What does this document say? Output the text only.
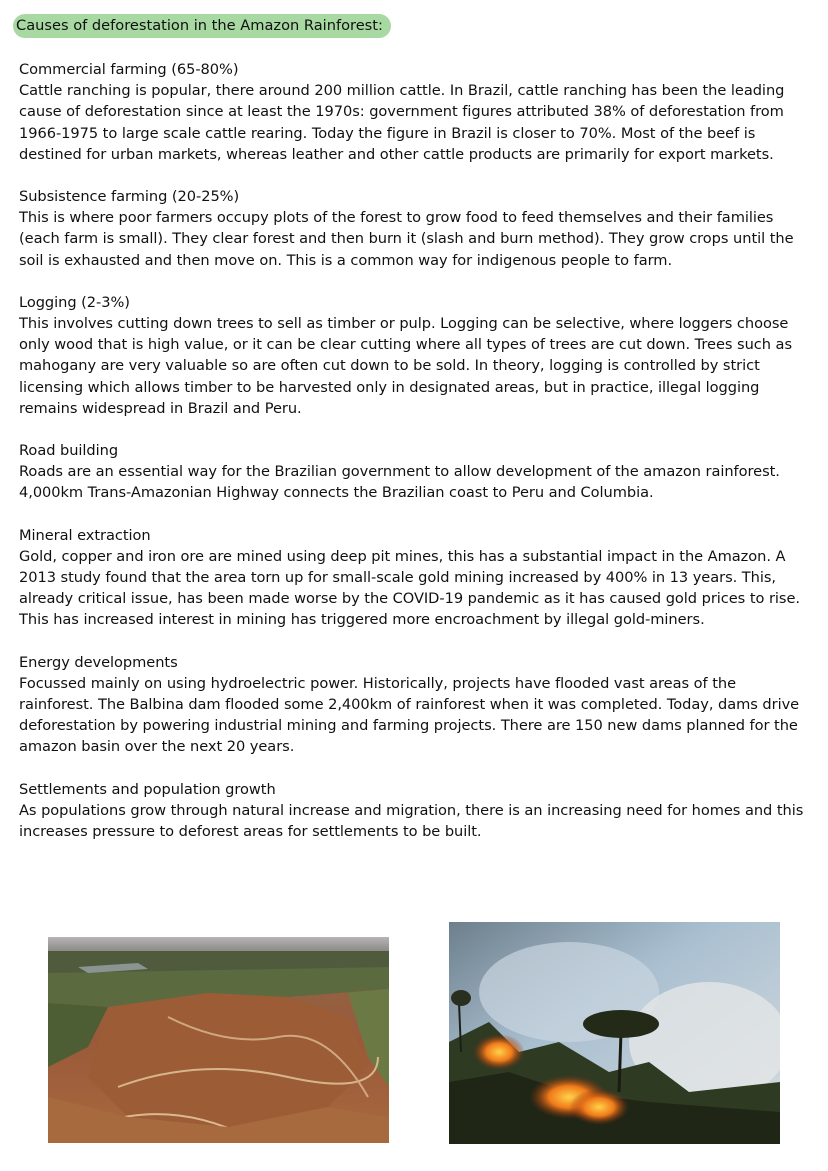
Causes of deforestation in the Amazon Rainforest:
Commercial farming (65-80%)
Cattle ranching is popular, there around 200 million cattle. In Brazil, cattle ranching has been the leading cause of deforestation since at least the 1970s: government figures attributed 38% of deforestation from 1966-1975 to large scale cattle rearing. Today the figure in Brazil is closer to 70%. Most of the beef is destined for urban markets, whereas leather and other cattle products are primarily for export markets.
Subsistence farming (20-25%)
This is where poor farmers occupy plots of the forest to grow food to feed themselves and their families (each farm is small). They clear forest and then burn it (slash and burn method). They grow crops until the soil is exhausted and then move on. This is a common way for indigenous people to farm.
Logging (2-3%)
This involves cutting down trees to sell as timber or pulp. Logging can be selective, where loggers choose only wood that is high value, or it can be clear cutting where all types of trees are cut down. Trees such as mahogany are very valuable so are often cut down to be sold. In theory, logging is controlled by strict licensing which allows timber to be harvested only in designated areas, but in practice, illegal logging remains widespread in Brazil and Peru.
Road building
Roads are an essential way for the Brazilian government to allow development of the amazon rainforest. 4,000km Trans-Amazonian Highway connects the Brazilian coast to Peru and Columbia.
Mineral extraction
Gold, copper and iron ore are mined using deep pit mines, this has a substantial impact in the Amazon. A 2013 study found that the area torn up for small-scale gold mining increased by 400% in 13 years. This, already critical issue, has been made worse by the COVID-19 pandemic as it has caused gold prices to rise. This has increased interest in mining has triggered more encroachment by illegal gold-miners.
Energy developments
Focussed mainly on using hydroelectric power. Historically, projects have flooded vast areas of the rainforest. The Balbina dam flooded some 2,400km of rainforest when it was completed. Today, dams drive deforestation by powering industrial mining and farming projects. There are 150 new dams planned for the amazon basin over the next 20 years.
Settlements and population growth
As populations grow through natural increase and migration, there is an increasing need for homes and this increases pressure to deforest areas for settlements to be built.
